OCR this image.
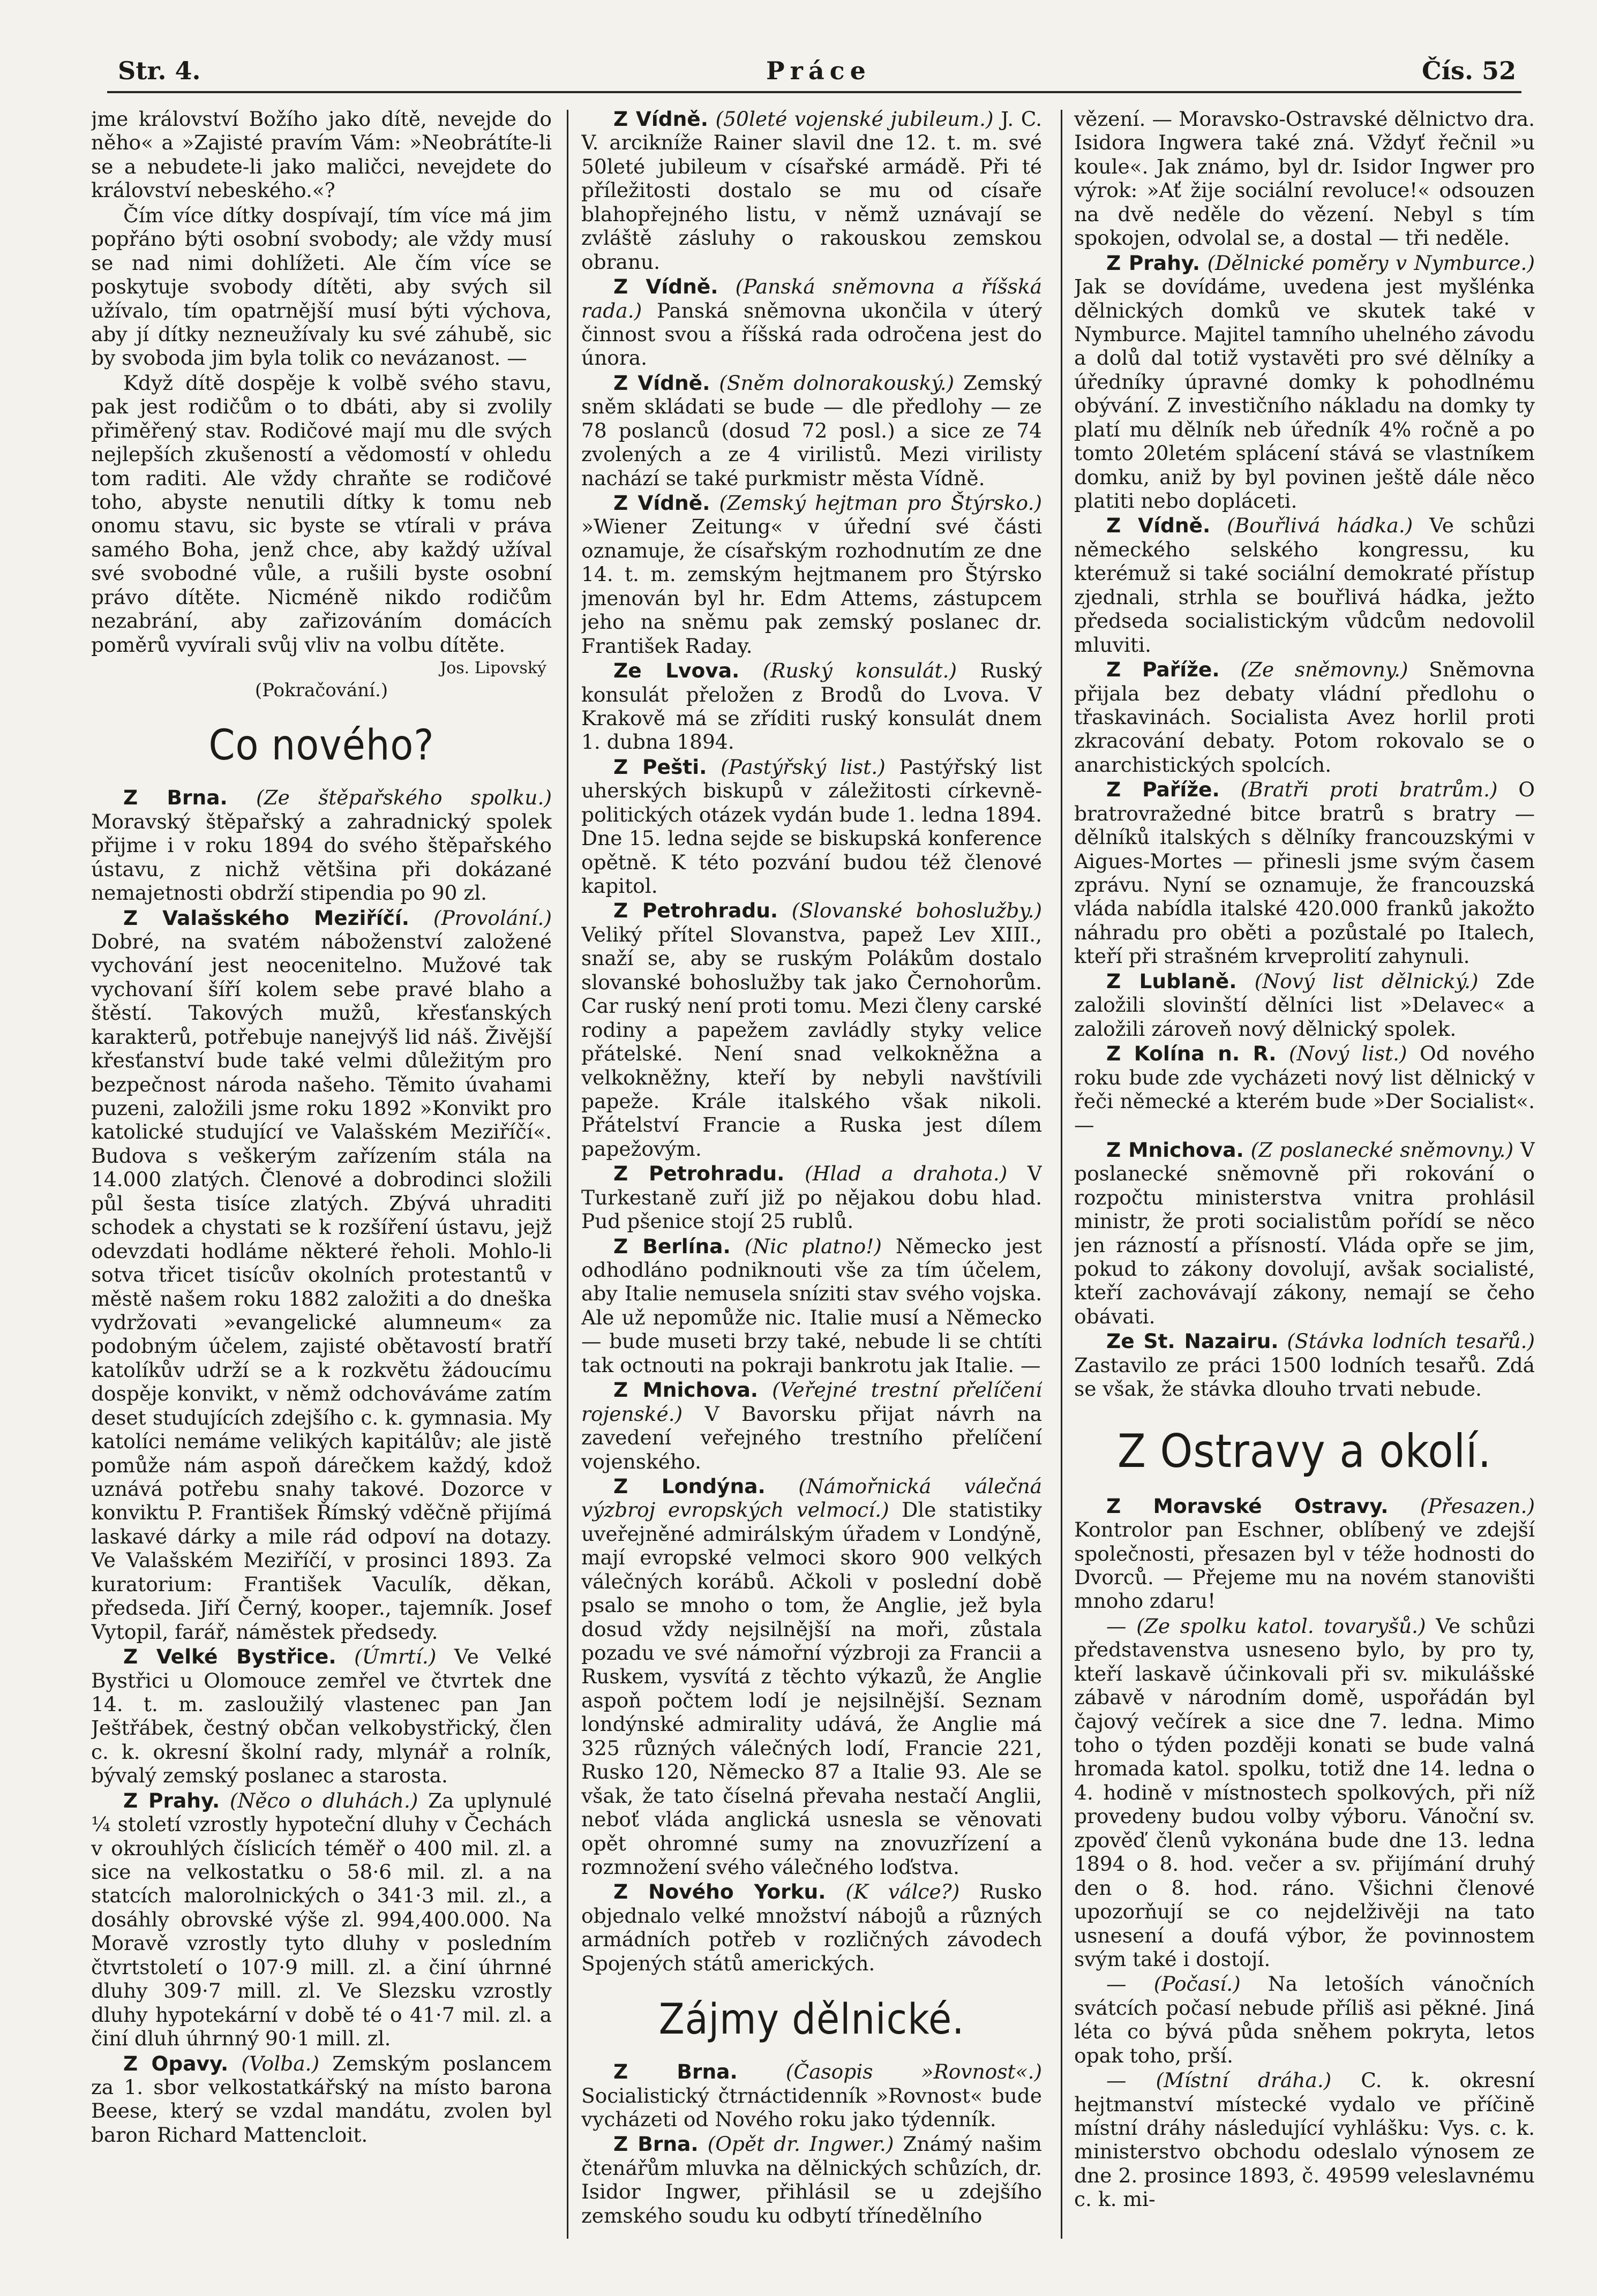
Str. 4.	Práce	Čís. 52

jme království Božího jako dítě, nevejde do něho« a »Zajisté pravím Vám: »Neobrátíte-li se a nebudete-li jako maličci, nevejdete do království nebeského.«?

Čím více dítky dospívají, tím více má jim popřáno býti osobní svobody; ale vždy musí se nad nimi dohlížeti. Ale čím více se poskytuje svobody dítěti, aby svých sil užívalo, tím opatrnější musí býti výchova, aby jí dítky nezneužívaly ku své záhubě, sic by svoboda jim byla tolik co nevázanost. —

Když dítě dospěje k volbě svého stavu, pak jest rodičům o to dbáti, aby si zvolily přiměřený stav. Rodičové mají mu dle svých nejlepších zkušeností a vědomostí v ohledu tom raditi. Ale vždy chraňte se rodičové toho, abyste nenutili dítky k tomu neb onomu stavu, sic byste se vtírali v práva samého Boha, jenž chce, aby každý užíval své svobodné vůle, a rušili byste osobní právo dítěte. Nicméně nikdo rodičům nezabrání, aby zařizováním domácích poměrů vyvírali svůj vliv na volbu dítěte.

Jos. Lipovský

(Pokračování.)

Co nového?

Z Brna. (Ze štěpařského spolku.) Moravský štěpařský a zahradnický spolek přijme i v roku 1894 do svého štěpařského ústavu, z nichž většina při dokázané nemajetnosti obdrží stipendia po 90 zl.

Z Valašského Meziříčí. (Provolání.) Dobré, na svatém náboženství založené vychování jest neocenitelno. Mužové tak vychovaní šíří kolem sebe pravé blaho a štěstí. Takových mužů, křesťanských karakterů, potřebuje nanejvýš lid náš. Živější křesťanství bude také velmi důležitým pro bezpečnost národa našeho. Těmito úvahami puzeni, založili jsme roku 1892 »Konvikt pro katolické studující ve Valašském Meziříčí«. Budova s veškerým zařízením stála na 14.000 zlatých. Členové a dobrodinci složili půl šesta tisíce zlatých. Zbývá uhraditi schodek a chystati se k rozšíření ústavu, jejž odevzdati hodláme některé řeholi. Mohlo-li sotva třicet tisícův okolních protestantů v městě našem roku 1882 založiti a do dneška vydržovati »evangelické alumneum« za podobným účelem, zajisté obětavostí bratří katolíkův udrží se a k rozkvětu žádoucímu dospěje konvikt, v němž odchováváme zatím deset studujících zdejšího c. k. gymnasia. My katolíci nemáme velikých kapitálův; ale jistě pomůže nám aspoň dárečkem každý, kdož uznává potřebu snahy takové. Dozorce v konviktu P. František Římský vděčně přijímá laskavé dárky a mile rád odpoví na dotazy. Ve Valašském Meziříčí, v prosinci 1893. Za kuratorium: František Vaculík, děkan, předseda. Jiří Černý, kooper., tajemník. Josef Vytopil, farář, náměstek předsedy.

Z Velké Bystřice. (Úmrtí.) Ve Velké Bystřici u Olomouce zemřel ve čtvrtek dne 14. t. m. zasloužilý vlastenec pan Jan Ještřábek, čestný občan velkobystřický, člen c. k. okresní školní rady, mlynář a rolník, bývalý zemský poslanec a starosta.

Z Prahy. (Něco o dluhách.) Za uplynulé ¼ století vzrostly hypoteční dluhy v Čechách v okrouhlých číslicích téměř o 400 mil. zl. a sice na velkostatku o 58·6 mil. zl. a na statcích malorolnických o 341·3 mil. zl., a dosáhly obrovské výše zl. 994,400.000. Na Moravě vzrostly tyto dluhy v posledním čtvrtstoletí o 107·9 mill. zl. a činí úhrnné dluhy 309·7 mill. zl. Ve Slezsku vzrostly dluhy hypotekární v době té o 41·7 mil. zl. a činí dluh úhrnný 90·1 mill. zl.

Z Opavy. (Volba.) Zemským poslancem za 1. sbor velkostatkářský na místo barona Beese, který se vzdal mandátu, zvolen byl baron Richard Mattencloit.

Z Vídně. (50leté vojenské jubileum.) J. C. V. arcikníže Rainer slavil dne 12. t. m. své 50leté jubileum v císařské armádě. Při té příležitosti dostalo se mu od císaře blahopřejného listu, v němž uznávají se zvláště zásluhy o rakouskou zemskou obranu.

Z Vídně. (Panská sněmovna a říšská rada.) Panská sněmovna ukončila v úterý činnost svou a říšská rada odročena jest do února.

Z Vídně. (Sněm dolnorakouský.) Zemský sněm skládati se bude — dle předlohy — ze 78 poslanců (dosud 72 posl.) a sice ze 74 zvolených a ze 4 virilistů. Mezi virilisty nachází se také purkmistr města Vídně.

Z Vídně. (Zemský hejtman pro Štýrsko.) »Wiener Zeitung« v úřední své části oznamuje, že císařským rozhodnutím ze dne 14. t. m. zemským hejtmanem pro Štýrsko jmenován byl hr. Edm Attems, zástupcem jeho na sněmu pak zemský poslanec dr. František Raday.

Ze Lvova. (Ruský konsulát.) Ruský konsulát přeložen z Brodů do Lvova. V Krakově má se zříditi ruský konsulát dnem 1. dubna 1894.

Z Pešti. (Pastýřský list.) Pastýřský list uherských biskupů v záležitosti církevně-politických otázek vydán bude 1. ledna 1894. Dne 15. ledna sejde se biskupská konference opětně. K této pozvání budou též členové kapitol.

Z Petrohradu. (Slovanské bohoslužby.) Veliký přítel Slovanstva, papež Lev XIII., snaží se, aby se ruským Polákům dostalo slovanské bohoslužby tak jako Černohorům. Car ruský není proti tomu. Mezi členy carské rodiny a papežem zavládly styky velice přátelské. Není snad velkokněžna a velkokněžny, kteří by nebyli navštívili papeže. Krále italského však nikoli. Přátelství Francie a Ruska jest dílem papežovým.

Z Petrohradu. (Hlad a drahota.) V Turkestaně zuří již po nějakou dobu hlad. Pud pšenice stojí 25 rublů.

Z Berlína. (Nic platno!) Německo jest odhodláno podniknouti vše za tím účelem, aby Italie nemusela sníziti stav svého vojska. Ale už nepomůže nic. Italie musí a Německo — bude museti brzy také, nebude li se chtíti tak octnouti na pokraji bankrotu jak Italie. —

Z Mnichova. (Veřejné trestní přelíčení rojenské.) V Bavorsku přijat návrh na zavedení veřejného trestního přelíčení vojenského.

Z Londýna. (Námořnická válečná výzbroj evropských velmocí.) Dle statistiky uveřejněné admirálským úřadem v Londýně, mají evropské velmoci skoro 900 velkých válečných korábů. Ačkoli v poslední době psalo se mnoho o tom, že Anglie, jež byla dosud vždy nejsilnější na moři, zůstala pozadu ve své námořní výzbroji za Francii a Ruskem, vysvítá z těchto výkazů, že Anglie aspoň počtem lodí je nejsilnější. Seznam londýnské admirality udává, že Anglie má 325 různých válečných lodí, Francie 221, Rusko 120, Německo 87 a Italie 93. Ale se však, že tato číselná převaha nestačí Anglii, neboť vláda anglická usnesla se věnovati opět ohromné sumy na znovuzřízení a rozmnožení svého válečného loďstva.

Z Nového Yorku. (K válce?) Rusko objednalo velké množství nábojů a různých armádních potřeb v rozličných závodech Spojených států amerických.

Zájmy dělnické.

Z Brna. (Časopis »Rovnost«.) Socialistický čtrnáctidenník »Rovnost« bude vycházeti od Nového roku jako týdenník.

Z Brna. (Opět dr. Ingwer.) Známý našim čtenářům mluvka na dělnických schůzích, dr. Isidor Ingwer, přihlásil se u zdejšího zemského soudu ku odbytí třínedělního

vězení. — Moravsko-Ostravské dělnictvo dra. Isidora Ingwera také zná. Vždyť řečnil »u koule«. Jak známo, byl dr. Isidor Ingwer pro výrok: »Ať žije sociální revoluce!« odsouzen na dvě neděle do vězení. Nebyl s tím spokojen, odvolal se, a dostal — tři neděle.

Z Prahy. (Dělnické poměry v Nymburce.) Jak se dovídáme, uvedena jest myšlénka dělnických domků ve skutek také v Nymburce. Majitel tamního uhelného závodu a dolů dal totiž vystavěti pro své dělníky a úředníky úpravné domky k pohodlnému obývání. Z investičního nákladu na domky ty platí mu dělník neb úředník 4% ročně a po tomto 20letém splácení stává se vlastníkem domku, aniž by byl povinen ještě dále něco platiti nebo dopláceti.

Z Vídně. (Bouřlivá hádka.) Ve schůzi německého selského kongressu, ku kterémuž si také sociální demokraté přístup zjednali, strhla se bouřlivá hádka, ježto předseda socialistickým vůdcům nedovolil mluviti.

Z Paříže. (Ze sněmovny.) Sněmovna přijala bez debaty vládní předlohu o třaskavinách. Socialista Avez horlil proti zkracování debaty. Potom rokovalo se o anarchistických spolcích.

Z Paříže. (Bratři proti bratrům.) O bratrovražedné bitce bratrů s bratry — dělníků italských s dělníky francouzskými v Aigues-Mortes — přinesli jsme svým časem zprávu. Nyní se oznamuje, že francouzská vláda nabídla italské 420.000 franků jakožto náhradu pro oběti a pozůstalé po Italech, kteří při strašném krveprolití zahynuli.

Z Lublaně. (Nový list dělnický.) Zde založili slovinští dělníci list »Delavec« a založili zároveň nový dělnický spolek.

Z Kolína n. R. (Nový list.) Od nového roku bude zde vycházeti nový list dělnický v řeči německé a kterém bude »Der Socialist«. —

Z Mnichova. (Z poslanecké sněmovny.) V poslanecké sněmovně při rokování o rozpočtu ministerstva vnitra prohlásil ministr, že proti socialistům pořídí se něco jen rázností a přísností. Vláda opře se jim, pokud to zákony dovolují, avšak socialisté, kteří zachovávají zákony, nemají se čeho obávati.

Ze St. Nazairu. (Stávka lodních tesařů.) Zastavilo ze práci 1500 lodních tesařů. Zdá se však, že stávka dlouho trvati nebude.

Z Ostravy a okolí.

Z Moravské Ostravy. (Přesazen.) Kontrolor pan Eschner, oblíbený ve zdejší společnosti, přesazen byl v téže hodnosti do Dvorců. — Přejeme mu na novém stanovišti mnoho zdaru!

— (Ze spolku katol. tovaryšů.) Ve schůzi představenstva usneseno bylo, by pro ty, kteří laskavě účinkovali při sv. mikulášské zábavě v národním domě, uspořádán byl čajový večírek a sice dne 7. ledna. Mimo toho o týden později konati se bude valná hromada katol. spolku, totiž dne 14. ledna o 4. hodině v místnostech spolkových, při níž provedeny budou volby výboru. Vánoční sv. zpověď členů vykonána bude dne 13. ledna 1894 o 8. hod. večer a sv. přijímání druhý den o 8. hod. ráno. Všichni členové upozorňují se co nejdelživěji na tato usnesení a doufá výbor, že povinnostem svým také i dostojí.

— (Počasí.) Na letoších vánočních svátcích počasí nebude příliš asi pěkné. Jiná léta co bývá půda sněhem pokryta, letos opak toho, prší.

— (Místní dráha.) C. k. okresní hejtmanství místecké vydalo ve příčině místní dráhy následující vyhlášku: Vys. c. k. ministerstvo obchodu odeslalo výnosem ze dne 2. prosince 1893, č. 49599 veleslavnému c. k. mi-
